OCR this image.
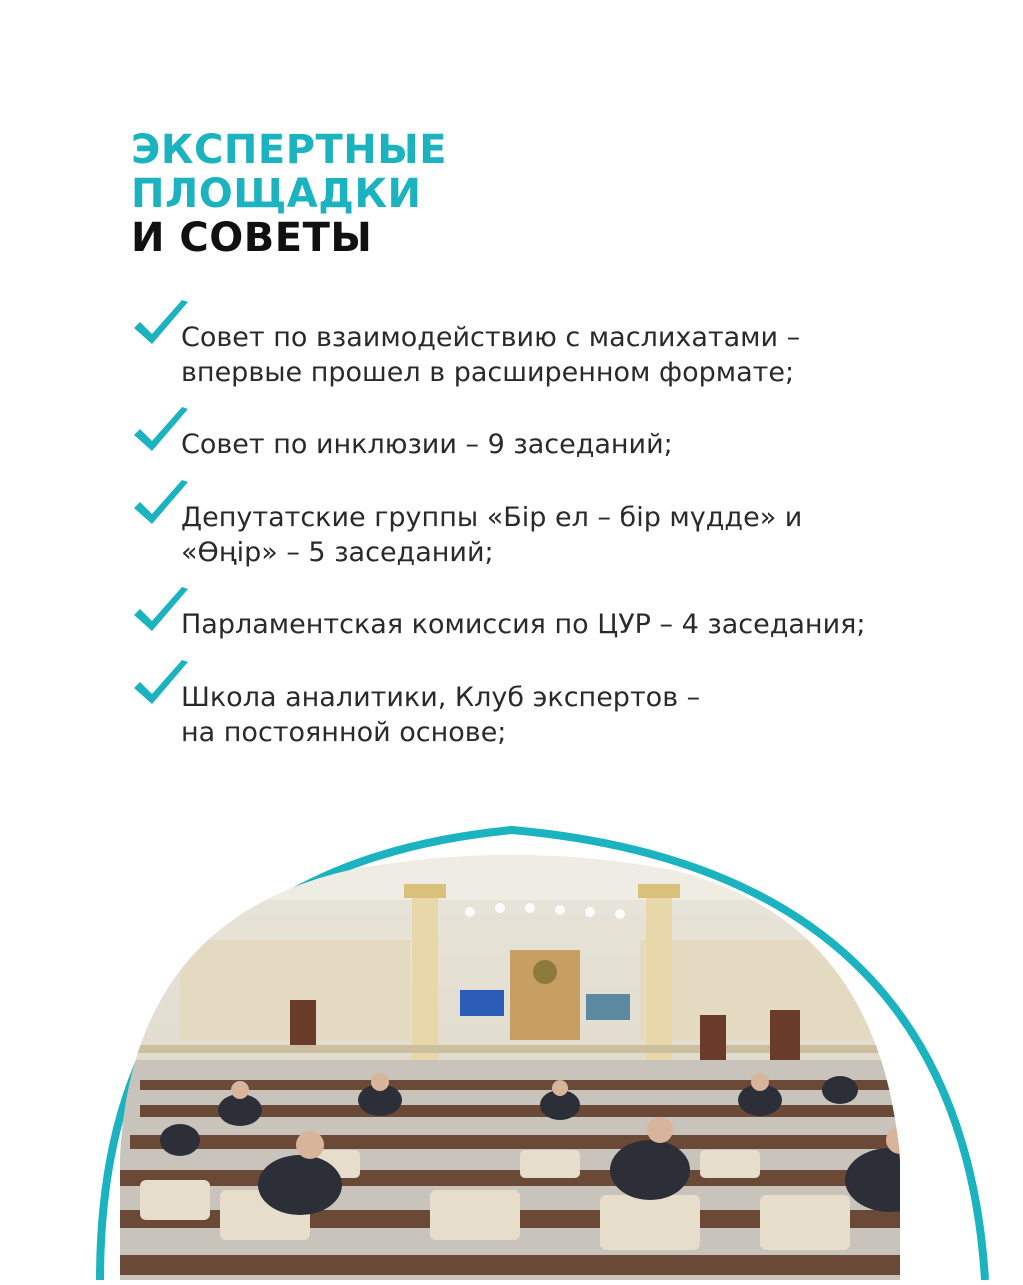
ЭКСПЕРТНЫЕ
ПЛОЩАДКИ
И СОВЕТЫ
Совет по взаимодействию с маслихатами –
впервые прошел в расширенном формате;
Совет по инклюзии – 9 заседаний;
Депутатские группы «Бір ел – бір мүдде» и
«Өңір» – 5 заседаний;
Парламентская комиссия по ЦУР – 4 заседания;
Школа аналитики, Клуб экспертов –
на постоянной основе;
